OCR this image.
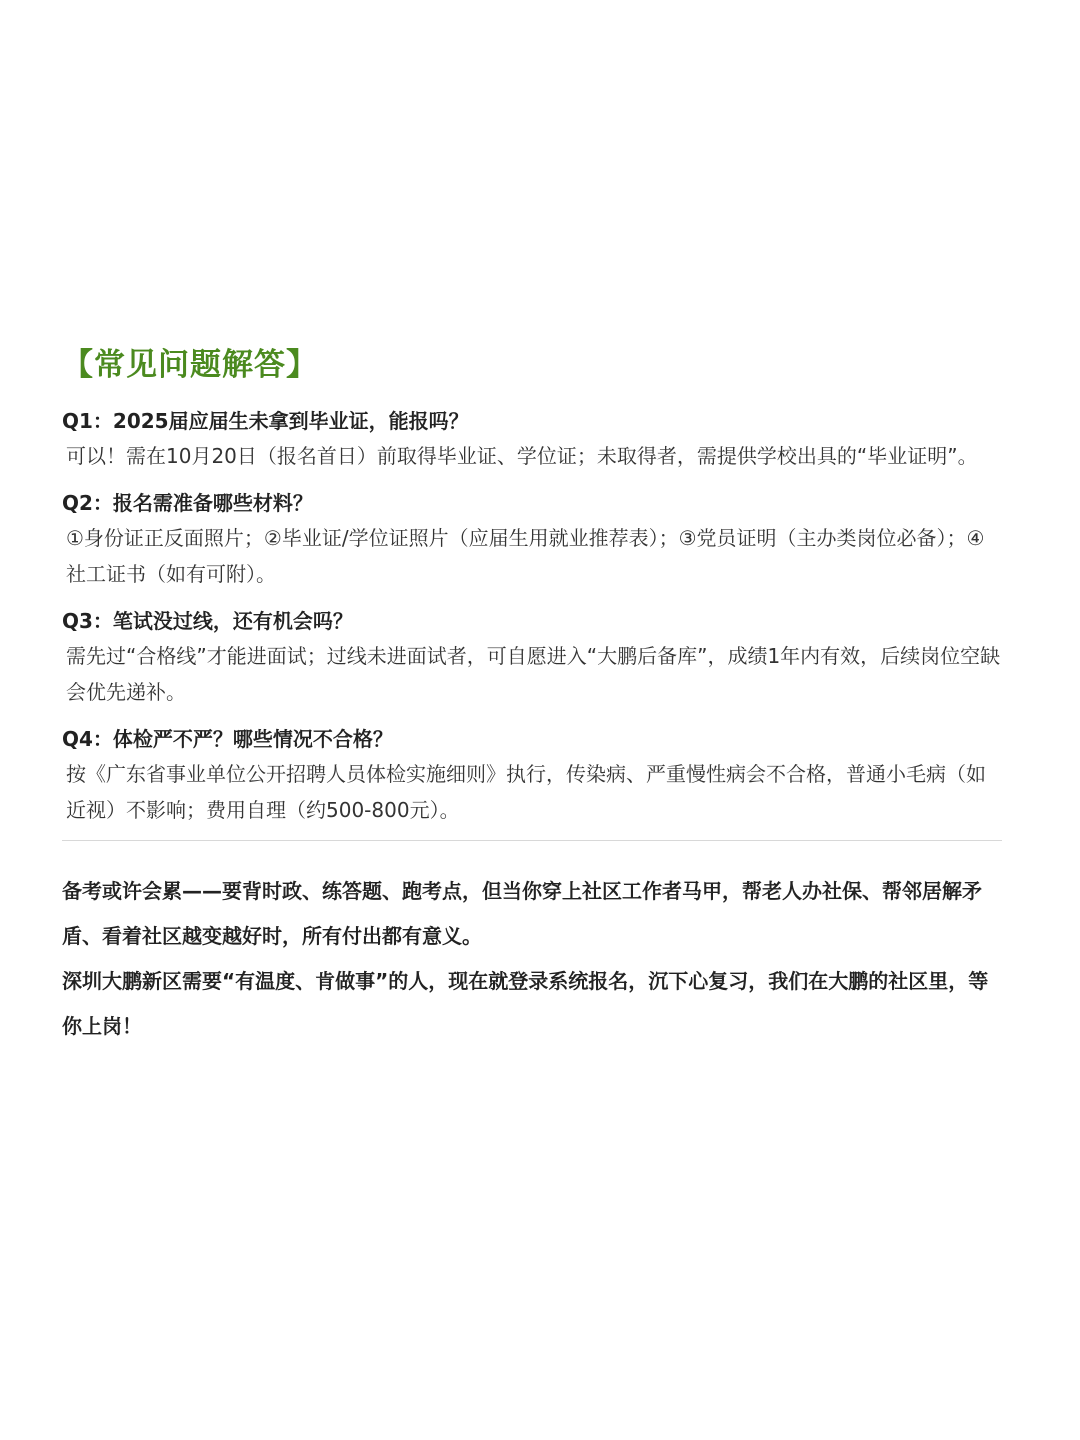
【常见问题解答】

Q1：2025届应届生未拿到毕业证，能报吗？

可以！需在10月20日（报名首日）前取得毕业证、学位证；未取得者，需提供学校出具的“毕业证明”。

Q2：报名需准备哪些材料？

①身份证正反面照片；②毕业证/学位证照片（应届生用就业推荐表）；③党员证明（主办类岗位必备）；④社工证书（如有可附）。

Q3：笔试没过线，还有机会吗？

需先过“合格线”才能进面试；过线未进面试者，可自愿进入“大鹏后备库”，成绩1年内有效，后续岗位空缺会优先递补。

Q4：体检严不严？哪些情况不合格？

按《广东省事业单位公开招聘人员体检实施细则》执行，传染病、严重慢性病会不合格，普通小毛病（如近视）不影响；费用自理（约500-800元）。

备考或许会累——要背时政、练答题、跑考点，但当你穿上社区工作者马甲，帮老人办社保、帮邻居解矛盾、看着社区越变越好时，所有付出都有意义。

深圳大鹏新区需要“有温度、肯做事”的人，现在就登录系统报名，沉下心复习，我们在大鹏的社区里，等你上岗！
